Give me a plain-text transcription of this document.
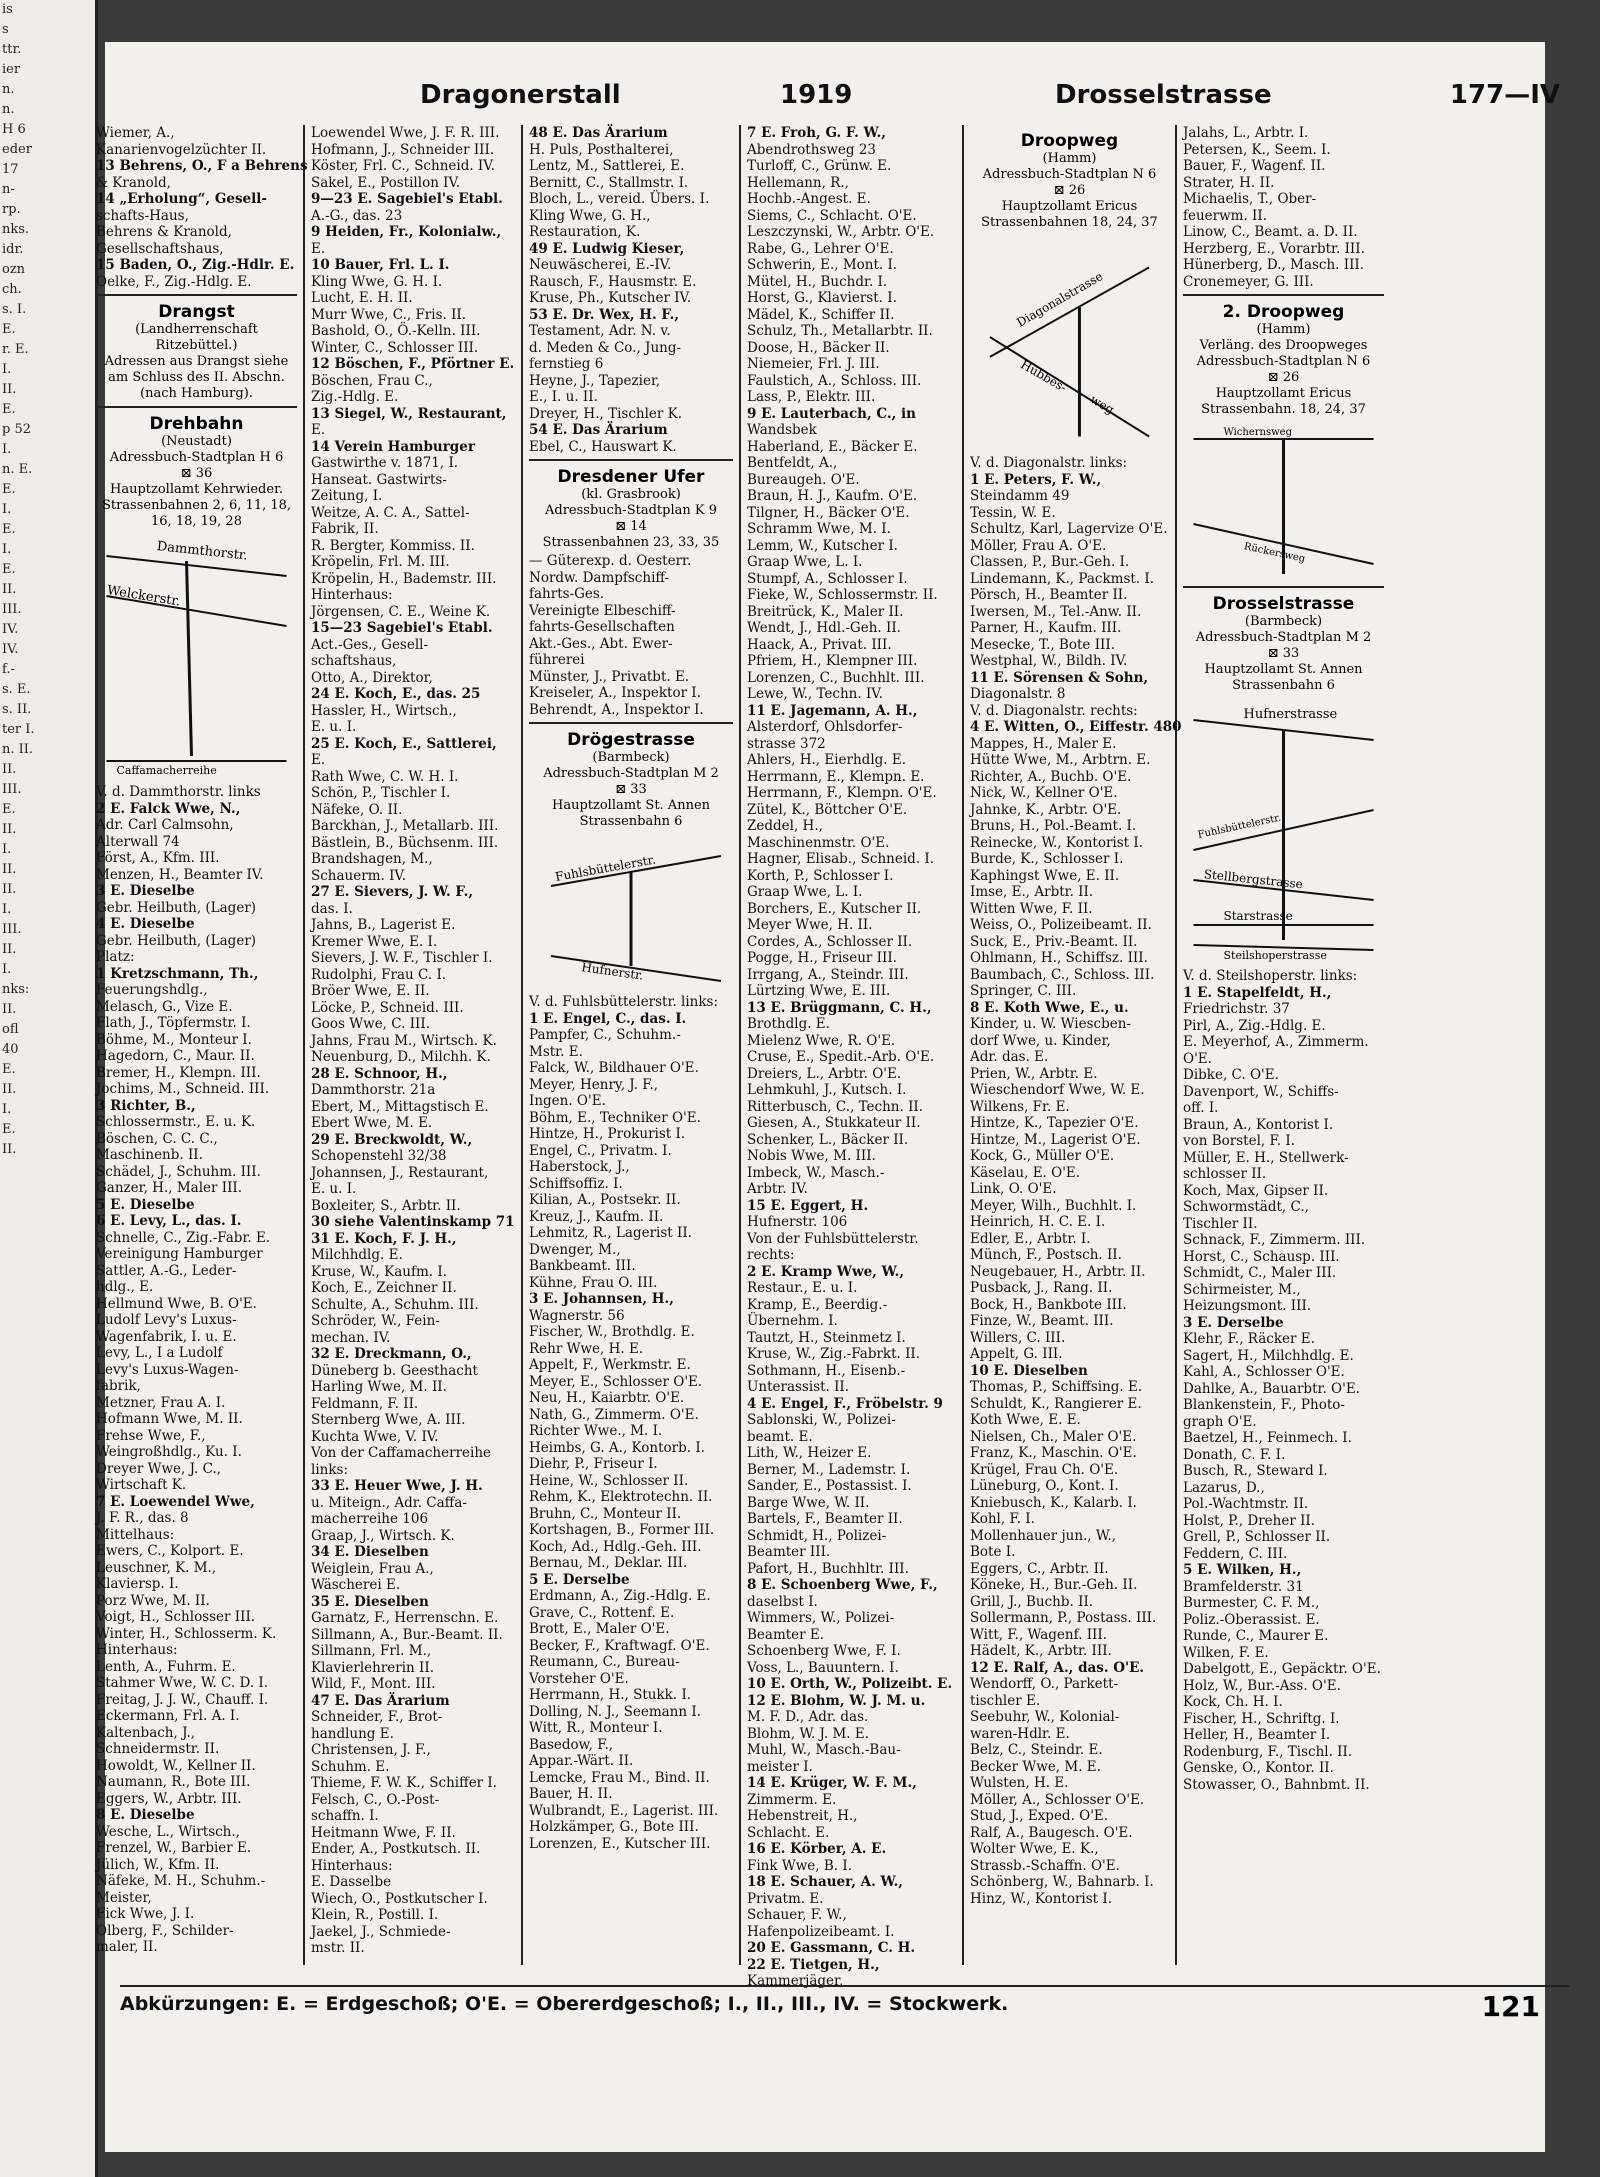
is
s
ttr.
ier
n.
n.
H 6
eder
17
n-
rp.
nks.
idr.
ozn
ch.
s. I.
E.
r. E.
I.
II.
E.
p 52
I.
n. E.
E.
I.
E.
I.
E.
II.
III.
IV.
IV.
f.-
s. E.
s. II.
ter I.
n. II.
II.
III.
E.
II.
I.
II.
II.
I.
III.
II.
I.
nks:
II.
ofl
40
E.
II.
I.
E.
II.
Dragonerstall	1919	Drosselstrasse	177—IV
Wiemer, A.,
Kanarienvogelzüchter II.
13 Behrens, O., F a Behrens
& Kranold,
14 „Erholung“, Gesell-
schafts-Haus,
Behrens & Kranold,
Gesellschaftshaus,
15 Baden, O., Zig.-Hdlr. E.
Oelke, F., Zig.-Hdlg. E.
Drangst
(Landherrenschaft
Ritzebüttel.)
Adressen aus Drangst siehe
am Schluss des II. Abschn.
(nach Hamburg).
Drehbahn
(Neustadt)
Adressbuch-Stadtplan H 6
⊠ 36
Hauptzollamt Kehrwieder.
Strassenbahnen 2, 6, 11, 18,
16, 18, 19, 28
Dammthorstr.
Welckerstr.
Caffamacherreihe
V. d. Dammthorstr. links
2 E. Falck Wwe, N.,
Adr. Carl Calmsohn,
Alterwall 74
Först, A., Kfm. III.
Menzen, H., Beamter IV.
3 E. Dieselbe
Gebr. Heilbuth, (Lager)
4 E. Dieselbe
Gebr. Heilbuth, (Lager)
Platz:
1 Kretzschmann, Th.,
Feuerungshdlg.,
Melasch, G., Vize E.
Flath, J., Töpfermstr. I.
Böhme, M., Monteur I.
Hagedorn, C., Maur. II.
Bremer, H., Klempn. III.
Jochims, M., Schneid. III.
3 Richter, B.,
Schlossermstr., E. u. K.
Böschen, C. C. C.,
Maschinenb. II.
Schädel, J., Schuhm. III.
Ganzer, H., Maler III.
5 E. Dieselbe
6 E. Levy, L., das. I.
Schnelle, C., Zig.-Fabr. E.
Vereinigung Hamburger
Sattler, A.-G., Leder-
hdlg., E.
Hellmund Wwe, B. O'E.
Ludolf Levy's Luxus-
Wagenfabrik, I. u. E.
Levy, L., I a Ludolf
Levy's Luxus-Wagen-
fabrik,
Metzner, Frau A. I.
Hofmann Wwe, M. II.
Frehse Wwe, F.,
Weingroßhdlg., Ku. I.
Dreyer Wwe, J. C.,
Wirtschaft K.
7 E. Loewendel Wwe,
J. F. R., das. 8
Mittelhaus:
Ewers, C., Kolport. E.
Leuschner, K. M.,
Klaviersp. I.
Porz Wwe, M. II.
Voigt, H., Schlosser III.
Winter, H., Schlosserm. K.
Hinterhaus:
Lenth, A., Fuhrm. E.
Stahmer Wwe, W. C. D. I.
Freitag, J. J. W., Chauff. I.
Eckermann, Frl. A. I.
Kaltenbach, J.,
Schneidermstr. II.
Howoldt, W., Kellner II.
Naumann, R., Bote III.
Eggers, W., Arbtr. III.
8 E. Dieselbe
Wesche, L., Wirtsch.,
Frenzel, W., Barbier E.
Jülich, W., Kfm. II.
Näfeke, M. H., Schuhm.-
Meister,
Fick Wwe, J. I.
Olberg, F., Schilder-
maler, II.
Loewendel Wwe, J. F. R. III.
Hofmann, J., Schneider III.
Köster, Frl. C., Schneid. IV.
Sakel, E., Postillon IV.
9—23 E. Sagebiel's Etabl.
A.-G., das. 23
9 Heiden, Fr., Kolonialw.,
E.
10 Bauer, Frl. L. I.
Kling Wwe, G. H. I.
Lucht, E. H. II.
Murr Wwe, C., Fris. II.
Bashold, O., Ö.-Kelln. III.
Winter, C., Schlosser III.
12 Böschen, F., Pförtner E.
Böschen, Frau C.,
Zig.-Hdlg. E.
13 Siegel, W., Restaurant,
E.
14 Verein Hamburger
Gastwirthe v. 1871, I.
Hanseat. Gastwirts-
Zeitung, I.
Weitze, A. C. A., Sattel-
Fabrik, II.
R. Bergter, Kommiss. II.
Kröpelin, Frl. M. III.
Kröpelin, H., Bademstr. III.
Hinterhaus:
Jörgensen, C. E., Weine K.
15—23 Sagebiel's Etabl.
Act.-Ges., Gesell-
schaftshaus,
Otto, A., Direktor,
24 E. Koch, E., das. 25
Hassler, H., Wirtsch.,
E. u. I.
25 E. Koch, E., Sattlerei,
E.
Rath Wwe, C. W. H. I.
Schön, P., Tischler I.
Näfeke, O. II.
Barckhan, J., Metallarb. III.
Bästlein, B., Büchsenm. III.
Brandshagen, M.,
Schauerm. IV.
27 E. Sievers, J. W. F.,
das. I.
Jahns, B., Lagerist E.
Kremer Wwe, E. I.
Sievers, J. W. F., Tischler I.
Rudolphi, Frau C. I.
Bröer Wwe, E. II.
Löcke, P., Schneid. III.
Goos Wwe, C. III.
Jahns, Frau M., Wirtsch. K.
Neuenburg, D., Milchh. K.
28 E. Schnoor, H.,
Dammthorstr. 21a
Ebert, M., Mittagstisch E.
Ebert Wwe, M. E.
29 E. Breckwoldt, W.,
Schopenstehl 32/38
Johannsen, J., Restaurant,
E. u. I.
Boxleiter, S., Arbtr. II.
30 siehe Valentinskamp 71
31 E. Koch, F. J. H.,
Milchhdlg. E.
Kruse, W., Kaufm. I.
Koch, E., Zeichner II.
Schulte, A., Schuhm. III.
Schröder, W., Fein-
mechan. IV.
32 E. Dreckmann, O.,
Düneberg b. Geesthacht
Harling Wwe, M. II.
Feldmann, F. II.
Sternberg Wwe, A. III.
Kuchta Wwe, V. IV.
Von der Caffamacherreihe
links:
33 E. Heuer Wwe, J. H.
u. Miteign., Adr. Caffa-
macherreihe 106
Graap, J., Wirtsch. K.
34 E. Dieselben
Weiglein, Frau A.,
Wäscherei E.
35 E. Dieselben
Garnatz, F., Herrenschn. E.
Sillmann, A., Bur.-Beamt. II.
Sillmann, Frl. M.,
Klavierlehrerin II.
Wild, F., Mont. III.
47 E. Das Ärarium
Schneider, F., Brot-
handlung E.
Christensen, J. F.,
Schuhm. E.
Thieme, F. W. K., Schiffer I.
Felsch, C., O.-Post-
schaffn. I.
Heitmann Wwe, F. II.
Ender, A., Postkutsch. II.
Hinterhaus:
E. Dasselbe
Wiech, O., Postkutscher I.
Klein, R., Postill. I.
Jaekel, J., Schmiede-
mstr. II.
48 E. Das Ärarium
H. Puls, Posthalterei,
Lentz, M., Sattlerei, E.
Bernitt, C., Stallmstr. I.
Bloch, L., vereid. Übers. I.
Kling Wwe, G. H.,
Restauration, K.
49 E. Ludwig Kieser,
Neuwäscherei, E.-IV.
Rausch, F., Hausmstr. E.
Kruse, Ph., Kutscher IV.
53 E. Dr. Wex, H. F.,
Testament, Adr. N. v.
d. Meden & Co., Jung-
fernstieg 6
Heyne, J., Tapezier,
E., I. u. II.
Dreyer, H., Tischler K.
54 E. Das Ärarium
Ebel, C., Hauswart K.
Dresdener Ufer
(kl. Grasbrook)
Adressbuch-Stadtplan K 9
⊠ 14
Strassenbahnen 23, 33, 35
— Güterexp. d. Oesterr.
Nordw. Dampfschiff-
fahrts-Ges.
Vereinigte Elbeschiff-
fahrts-Gesellschaften
Akt.-Ges., Abt. Ewer-
führerei
Münster, J., Privatbt. E.
Kreiseler, A., Inspektor I.
Behrendt, A., Inspektor I.
Drögestrasse
(Barmbeck)
Adressbuch-Stadtplan M 2
⊠ 33
Hauptzollamt St. Annen
Strassenbahn 6
Fuhlsbüttelerstr.
Hufnerstr.
V. d. Fuhlsbüttelerstr. links:
1 E. Engel, C., das. I.
Pampfer, C., Schuhm.-
Mstr. E.
Falck, W., Bildhauer O'E.
Meyer, Henry, J. F.,
Ingen. O'E.
Böhm, E., Techniker O'E.
Hintze, H., Prokurist I.
Engel, C., Privatm. I.
Haberstock, J.,
Schiffsoffiz. I.
Kilian, A., Postsekr. II.
Kreuz, J., Kaufm. II.
Lehmitz, R., Lagerist II.
Dwenger, M.,
Bankbeamt. III.
Kühne, Frau O. III.
3 E. Johannsen, H.,
Wagnerstr. 56
Fischer, W., Brothdlg. E.
Rehr Wwe, H. E.
Appelt, F., Werkmstr. E.
Meyer, E., Schlosser O'E.
Neu, H., Kaiarbtr. O'E.
Nath, G., Zimmerm. O'E.
Richter Wwe., M. I.
Heimbs, G. A., Kontorb. I.
Diehr, P., Friseur I.
Heine, W., Schlosser II.
Rehm, K., Elektrotechn. II.
Bruhn, C., Monteur II.
Kortshagen, B., Former III.
Koch, Ad., Hdlg.-Geh. III.
Bernau, M., Deklar. III.
5 E. Derselbe
Erdmann, A., Zig.-Hdlg. E.
Grave, C., Rottenf. E.
Brott, E., Maler O'E.
Becker, F., Kraftwagf. O'E.
Reumann, C., Bureau-
Vorsteher O'E.
Herrmann, H., Stukk. I.
Dolling, N. J., Seemann I.
Witt, R., Monteur I.
Basedow, F.,
Appar.-Wärt. II.
Lemcke, Frau M., Bind. II.
Bauer, H. II.
Wulbrandt, E., Lagerist. III.
Holzkämper, G., Bote III.
Lorenzen, E., Kutscher III.
7 E. Froh, G. F. W.,
Abendrothsweg 23
Turloff, C., Grünw. E.
Hellemann, R.,
Hochb.-Angest. E.
Siems, C., Schlacht. O'E.
Leszczynski, W., Arbtr. O'E.
Rabe, G., Lehrer O'E.
Schwerin, E., Mont. I.
Mütel, H., Buchdr. I.
Horst, G., Klavierst. I.
Mädel, K., Schiffer II.
Schulz, Th., Metallarbtr. II.
Doose, H., Bäcker II.
Niemeier, Frl. J. III.
Faulstich, A., Schloss. III.
Lass, P., Elektr. III.
9 E. Lauterbach, C., in
Wandsbek
Haberland, E., Bäcker E.
Bentfeldt, A.,
Bureaugeh. O'E.
Braun, H. J., Kaufm. O'E.
Tilgner, H., Bäcker O'E.
Schramm Wwe, M. I.
Lemm, W., Kutscher I.
Graap Wwe, L. I.
Stumpf, A., Schlosser I.
Fieke, W., Schlossermstr. II.
Breitrück, K., Maler II.
Wendt, J., Hdl.-Geh. II.
Haack, A., Privat. III.
Pfriem, H., Klempner III.
Lorenzen, C., Buchhlt. III.
Lewe, W., Techn. IV.
11 E. Jagemann, A. H.,
Alsterdorf, Ohlsdorfer-
strasse 372
Ahlers, H., Eierhdlg. E.
Herrmann, E., Klempn. E.
Herrmann, F., Klempn. O'E.
Zütel, K., Böttcher O'E.
Zeddel, H.,
Maschinenmstr. O'E.
Hagner, Elisab., Schneid. I.
Korth, P., Schlosser I.
Graap Wwe, L. I.
Borchers, E., Kutscher II.
Meyer Wwe, H. II.
Cordes, A., Schlosser II.
Pogge, H., Friseur III.
Irrgang, A., Steindr. III.
Lürtzing Wwe, E. III.
13 E. Brüggmann, C. H.,
Brothdlg. E.
Mielenz Wwe, R. O'E.
Cruse, E., Spedit.-Arb. O'E.
Dreiers, L., Arbtr. O'E.
Lehmkuhl, J., Kutsch. I.
Ritterbusch, C., Techn. II.
Giesen, A., Stukkateur II.
Schenker, L., Bäcker II.
Nobis Wwe, M. III.
Imbeck, W., Masch.-
Arbtr. IV.
15 E. Eggert, H.
Hufnerstr. 106
Von der Fuhlsbüttelerstr.
rechts:
2 E. Kramp Wwe, W.,
Restaur., E. u. I.
Kramp, E., Beerdig.-
Übernehm. I.
Tautzt, H., Steinmetz I.
Kruse, W., Zig.-Fabrkt. II.
Sothmann, H., Eisenb.-
Unterassist. II.
4 E. Engel, F., Fröbelstr. 9
Sablonski, W., Polizei-
beamt. E.
Lith, W., Heizer E.
Berner, M., Lademstr. I.
Sander, E., Postassist. I.
Barge Wwe, W. II.
Bartels, F., Beamter II.
Schmidt, H., Polizei-
Beamter III.
Pafort, H., Buchhltr. III.
8 E. Schoenberg Wwe, F.,
daselbst I.
Wimmers, W., Polizei-
Beamter E.
Schoenberg Wwe, F. I.
Voss, L., Bauuntern. I.
10 E. Orth, W., Polizeibt. E.
12 E. Blohm, W. J. M. u.
M. F. D., Adr. das.
Blohm, W. J. M. E.
Muhl, W., Masch.-Bau-
meister I.
14 E. Krüger, W. F. M.,
Zimmerm. E.
Hebenstreit, H.,
Schlacht. E.
16 E. Körber, A. E.
Fink Wwe, B. I.
18 E. Schauer, A. W.,
Privatm. E.
Schauer, F. W.,
Hafenpolizeibeamt. I.
20 E. Gassmann, C. H.
22 E. Tietgen, H.,
Kammerjäger,
Droopweg
(Hamm)
Adressbuch-Stadtplan N 6
⊠ 26
Hauptzollamt Ericus
Strassenbahnen 18, 24, 37
Diagonalstrasse
Hübbes-
weg
V. d. Diagonalstr. links:
1 E. Peters, F. W.,
Steindamm 49
Tessin, W. E.
Schultz, Karl, Lagervize O'E.
Möller, Frau A. O'E.
Classen, P., Bur.-Geh. I.
Lindemann, K., Packmst. I.
Pörsch, H., Beamter II.
Iwersen, M., Tel.-Anw. II.
Parner, H., Kaufm. III.
Mesecke, T., Bote III.
Westphal, W., Bildh. IV.
11 E. Sörensen & Sohn,
Diagonalstr. 8
V. d. Diagonalstr. rechts:
4 E. Witten, O., Eiffestr. 480
Mappes, H., Maler E.
Hütte Wwe, M., Arbtrn. E.
Richter, A., Buchb. O'E.
Nick, W., Kellner O'E.
Jahnke, K., Arbtr. O'E.
Bruns, H., Pol.-Beamt. I.
Reinecke, W., Kontorist I.
Burde, K., Schlosser I.
Kaphingst Wwe, E. II.
Imse, E., Arbtr. II.
Witten Wwe, F. II.
Weiss, O., Polizeibeamt. II.
Suck, E., Priv.-Beamt. II.
Ohlmann, H., Schiffsz. III.
Baumbach, C., Schloss. III.
Springer, C. III.
8 E. Koth Wwe, E., u.
Kinder, u. W. Wiescben-
dorf Wwe, u. Kinder,
Adr. das. E.
Prien, W., Arbtr. E.
Wieschendorf Wwe, W. E.
Wilkens, Fr. E.
Hintze, K., Tapezier O'E.
Hintze, M., Lagerist O'E.
Kock, G., Müller O'E.
Käselau, E. O'E.
Link, O. O'E.
Meyer, Wilh., Buchhlt. I.
Heinrich, H. C. E. I.
Edler, E., Arbtr. I.
Münch, F., Postsch. II.
Neugebauer, H., Arbtr. II.
Pusback, J., Rang. II.
Bock, H., Bankbote III.
Finze, W., Beamt. III.
Willers, C. III.
Appelt, G. III.
10 E. Dieselben
Thomas, P., Schiffsing. E.
Schuldt, K., Rangierer E.
Koth Wwe, E. E.
Nielsen, Ch., Maler O'E.
Franz, K., Maschin. O'E.
Krügel, Frau Ch. O'E.
Lüneburg, O., Kont. I.
Kniebusch, K., Kalarb. I.
Kohl, F. I.
Mollenhauer jun., W.,
Bote I.
Eggers, C., Arbtr. II.
Köneke, H., Bur.-Geh. II.
Grill, J., Buchb. II.
Sollermann, P., Postass. III.
Witt, F., Wagenf. III.
Hädelt, K., Arbtr. III.
12 E. Ralf, A., das. O'E.
Wendorff, O., Parkett-
tischler E.
Seebuhr, W., Kolonial-
waren-Hdlr. E.
Belz, C., Steindr. E.
Becker Wwe, M. E.
Wulsten, H. E.
Möller, A., Schlosser O'E.
Stud, J., Exped. O'E.
Ralf, A., Baugesch. O'E.
Wolter Wwe, E. K.,
Strassb.-Schaffn. O'E.
Schönberg, W., Bahnarb. I.
Hinz, W., Kontorist I.
Jalahs, L., Arbtr. I.
Petersen, K., Seem. I.
Bauer, F., Wagenf. II.
Strater, H. II.
Michaelis, T., Ober-
feuerwm. II.
Linow, C., Beamt. a. D. II.
Herzberg, E., Vorarbtr. III.
Hünerberg, D., Masch. III.
Cronemeyer, G. III.
2. Droopweg
(Hamm)
Verläng. des Droopweges
Adressbuch-Stadtplan N 6
⊠ 26
Hauptzollamt Ericus
Strassenbahn. 18, 24, 37
Wichernsweg
Rückersweg
Drosselstrasse
(Barmbeck)
Adressbuch-Stadtplan M 2
⊠ 33
Hauptzollamt St. Annen
Strassenbahn 6
Hufnerstrasse
Fuhlsbüttelerstr.
Stellbergstrasse
Starstrasse
Steilshoperstrasse
V. d. Steilshoperstr. links:
1 E. Stapelfeldt, H.,
Friedrichstr. 37
Pirl, A., Zig.-Hdlg. E.
E. Meyerhof, A., Zimmerm.
O'E.
Dibke, C. O'E.
Davenport, W., Schiffs-
off. I.
Braun, A., Kontorist I.
von Borstel, F. I.
Müller, E. H., Stellwerk-
schlosser II.
Koch, Max, Gipser II.
Schwormstädt, C.,
Tischler II.
Schnack, F., Zimmerm. III.
Horst, C., Schausp. III.
Schmidt, C., Maler III.
Schirmeister, M.,
Heizungsmont. III.
3 E. Derselbe
Klehr, F., Räcker E.
Sagert, H., Milchhdlg. E.
Kahl, A., Schlosser O'E.
Dahlke, A., Bauarbtr. O'E.
Blankenstein, F., Photo-
graph O'E.
Baetzel, H., Feinmech. I.
Donath, C. F. I.
Busch, R., Steward I.
Lazarus, D.,
Pol.-Wachtmstr. II.
Holst, P., Dreher II.
Grell, P., Schlosser II.
Feddern, C. III.
5 E. Wilken, H.,
Bramfelderstr. 31
Burmester, C. F. M.,
Poliz.-Oberassist. E.
Runde, C., Maurer E.
Wilken, F. E.
Dabelgott, E., Gepäcktr. O'E.
Holz, W., Bur.-Ass. O'E.
Kock, Ch. H. I.
Fischer, H., Schriftg. I.
Heller, H., Beamter I.
Rodenburg, F., Tischl. II.
Genske, O., Kontor. II.
Stowasser, O., Bahnbmt. II.
Abkürzungen: E. = Erdgeschoß; O'E. = Obererdgeschoß; I., II., III., IV. = Stockwerk.	121
